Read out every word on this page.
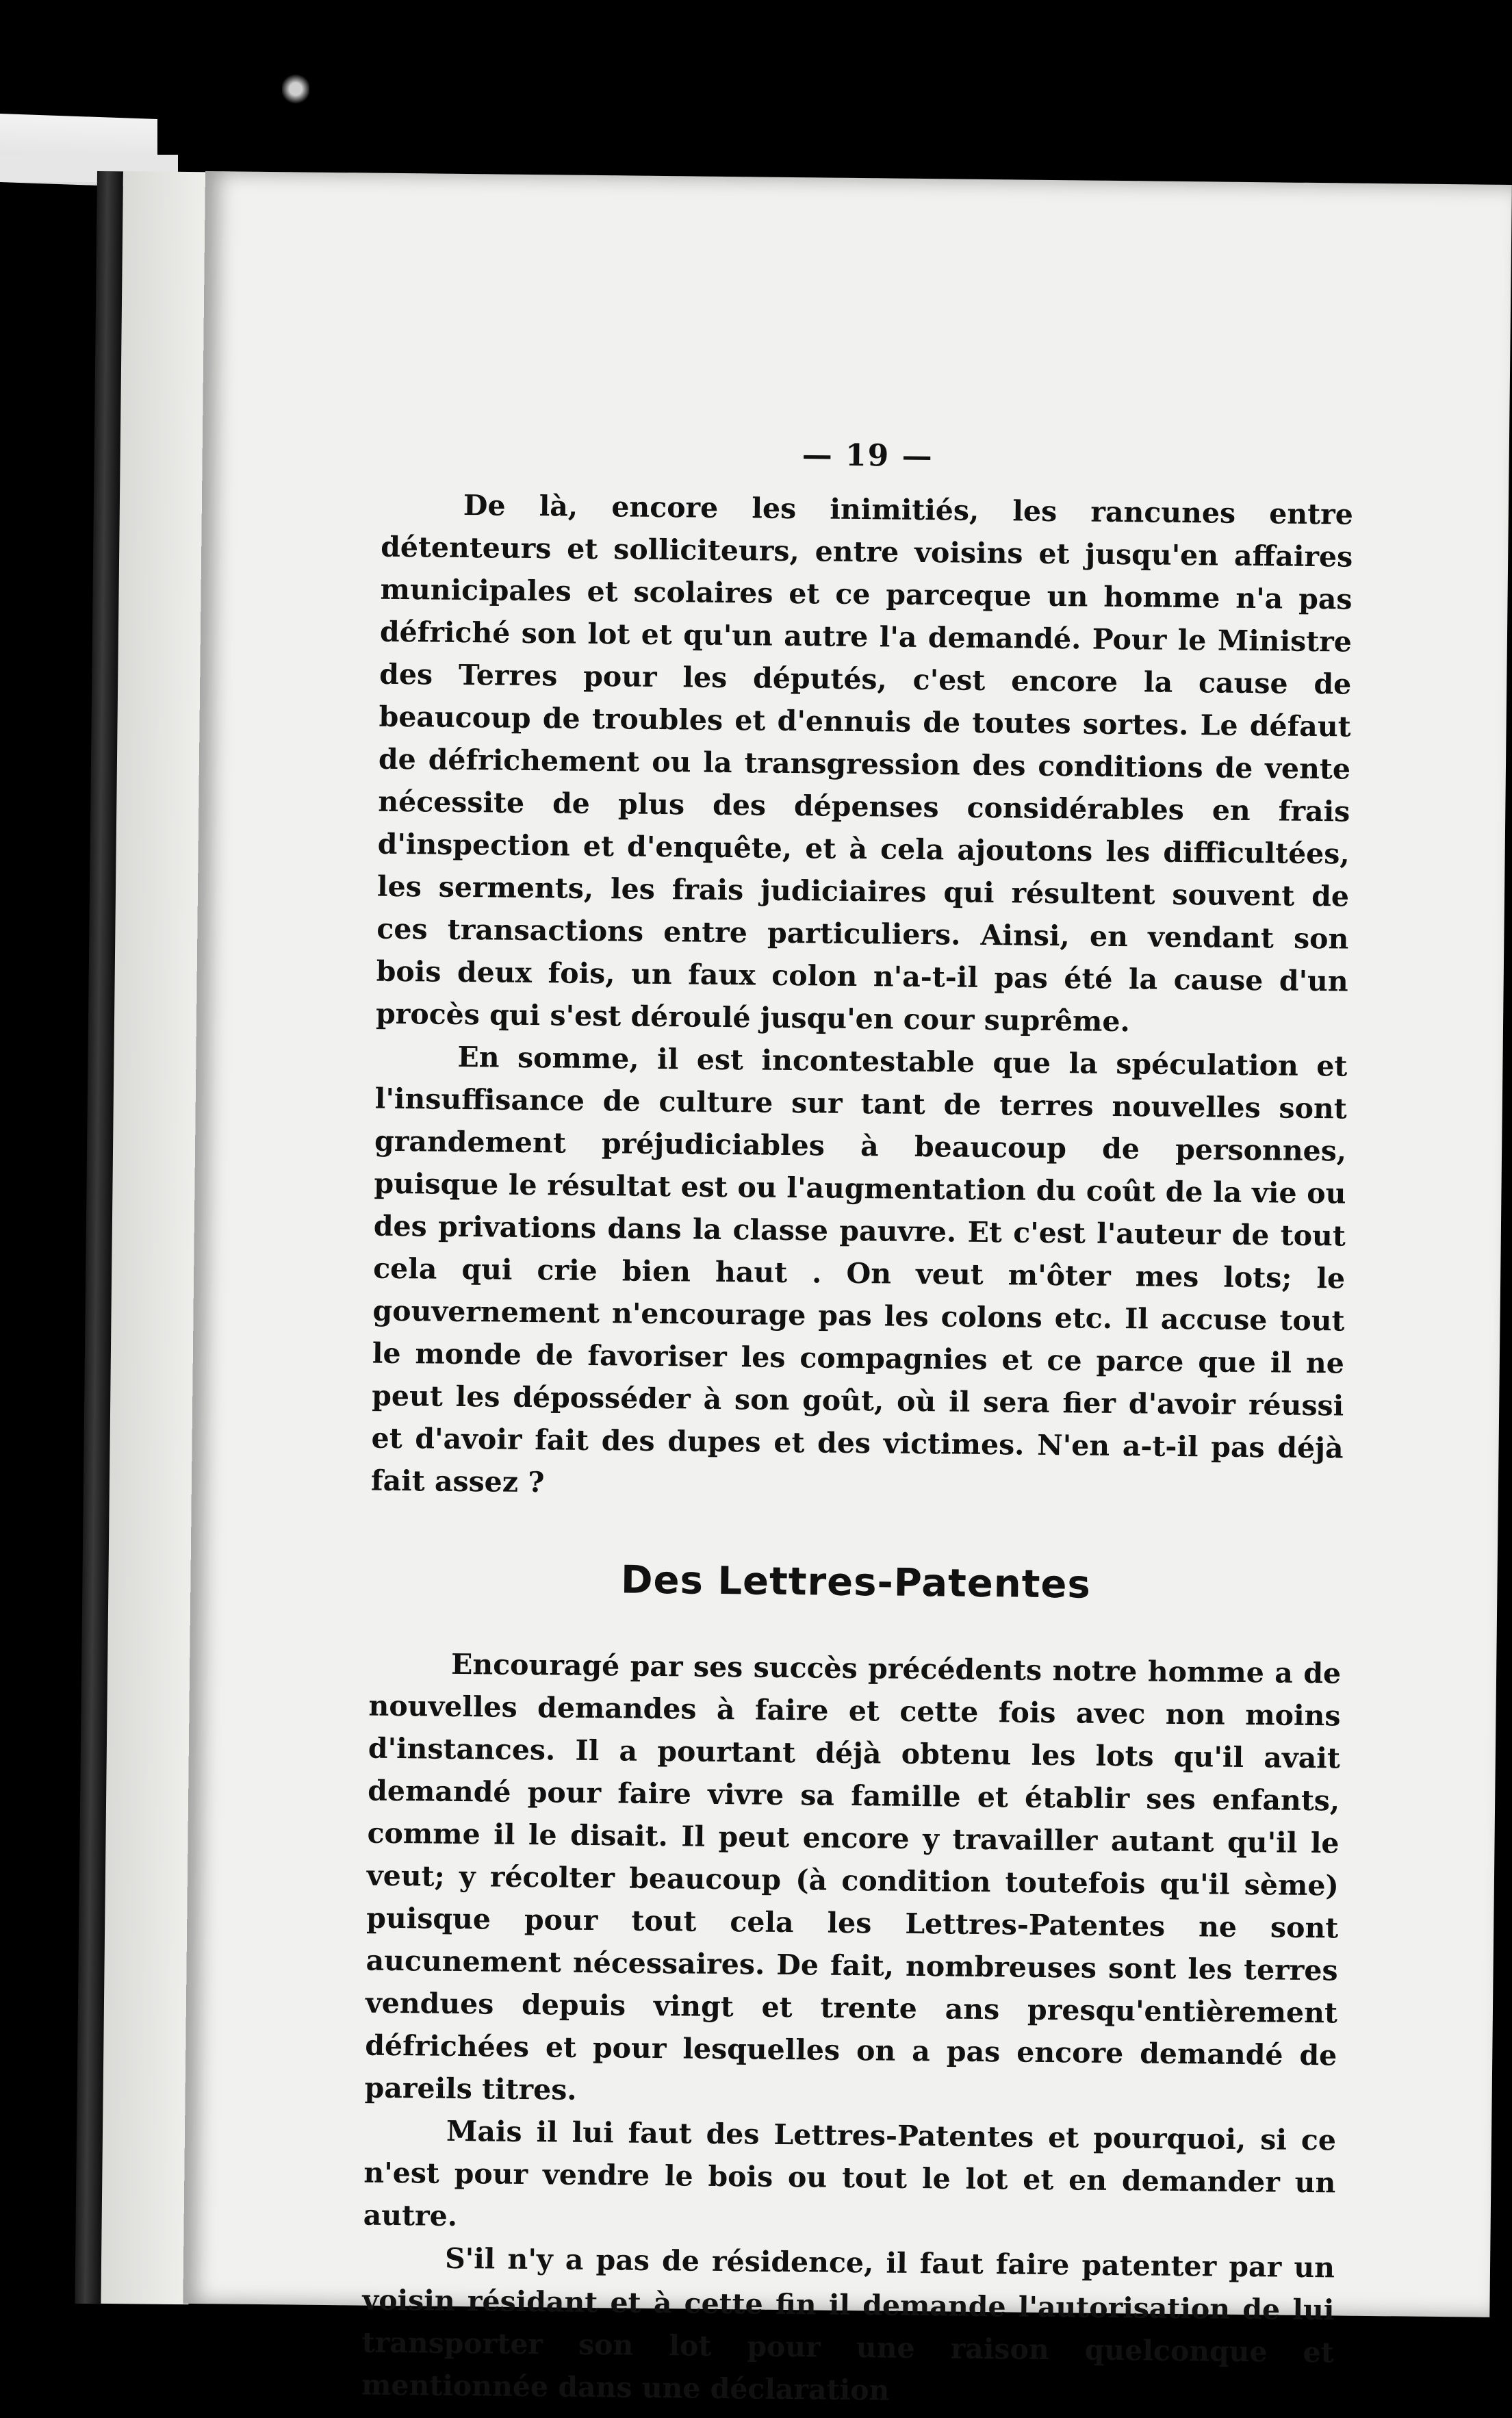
— 19 —

De là, encore les inimitiés, les rancunes entre détenteurs et solliciteurs, entre voisins et jusqu'en affaires municipales et scolaires et ce parceque un homme n'a pas défriché son lot et qu'un autre l'a demandé. Pour le Ministre des Terres pour les députés, c'est encore la cause de beaucoup de troubles et d'ennuis de toutes sortes. Le défaut de défrichement ou la transgression des conditions de vente nécessite de plus des dépenses considérables en frais d'inspection et d'enquête, et à cela ajoutons les difficultées, les serments, les frais judiciaires qui résultent souvent de ces transactions entre particuliers. Ainsi, en vendant son bois deux fois, un faux colon n'a-t-il pas été la cause d'un procès qui s'est déroulé jusqu'en cour suprême.

En somme, il est incontestable que la spéculation et l'insuffisance de culture sur tant de terres nouvelles sont grandement préjudiciables à beaucoup de personnes, puisque le résultat est ou l'augmentation du coût de la vie ou des privations dans la classe pauvre. Et c'est l'auteur de tout cela qui crie bien haut . On veut m'ôter mes lots; le gouvernement n'encourage pas les colons etc. Il accuse tout le monde de favoriser les compagnies et ce parce que il ne peut les déposséder à son goût, où il sera fier d'avoir réussi et d'avoir fait des dupes et des victimes. N'en a-t-il pas déjà fait assez ?

Des Lettres-Patentes

Encouragé par ses succès précédents notre homme a de nouvelles demandes à faire et cette fois avec non moins d'instances. Il a pourtant déjà obtenu les lots qu'il avait demandé pour faire vivre sa famille et établir ses enfants, comme il le disait. Il peut encore y travailler autant qu'il le veut; y récolter beaucoup (à condition toutefois qu'il sème) puisque pour tout cela les Lettres-Patentes ne sont aucunement nécessaires. De fait, nombreuses sont les terres vendues depuis vingt et trente ans presqu'entièrement défrichées et pour lesquelles on a pas encore demandé de pareils titres.

Mais il lui faut des Lettres-Patentes et pourquoi, si ce n'est pour vendre le bois ou tout le lot et en demander un autre.

S'il n'y a pas de résidence, il faut faire patenter par un voisin résidant et à cette fin il demande l'autorisation de lui transporter son lot pour une raison quelconque et mentionnée dans une déclaration
